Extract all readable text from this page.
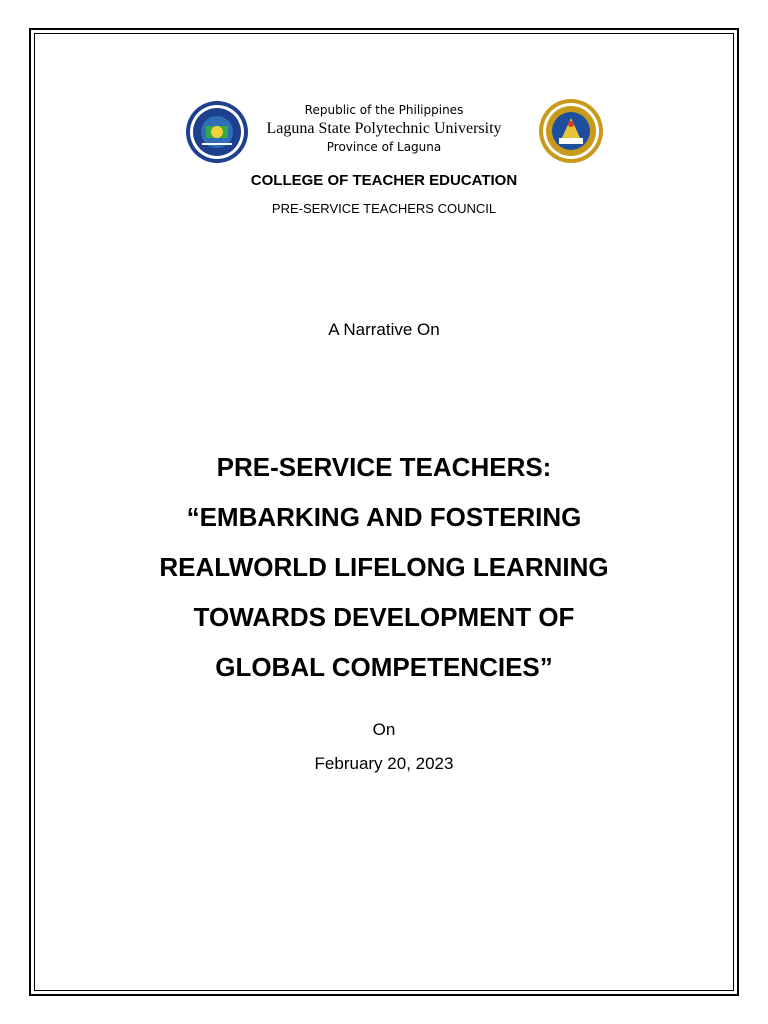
Republic of the Philippines
Laguna State Polytechnic University
Province of Laguna
COLLEGE OF TEACHER EDUCATION
PRE-SERVICE TEACHERS COUNCIL
A Narrative On
PRE-SERVICE TEACHERS:
“EMBARKING AND FOSTERING
REALWORLD LIFELONG LEARNING
TOWARDS DEVELOPMENT OF
GLOBAL COMPETENCIES”
On
February 20, 2023
